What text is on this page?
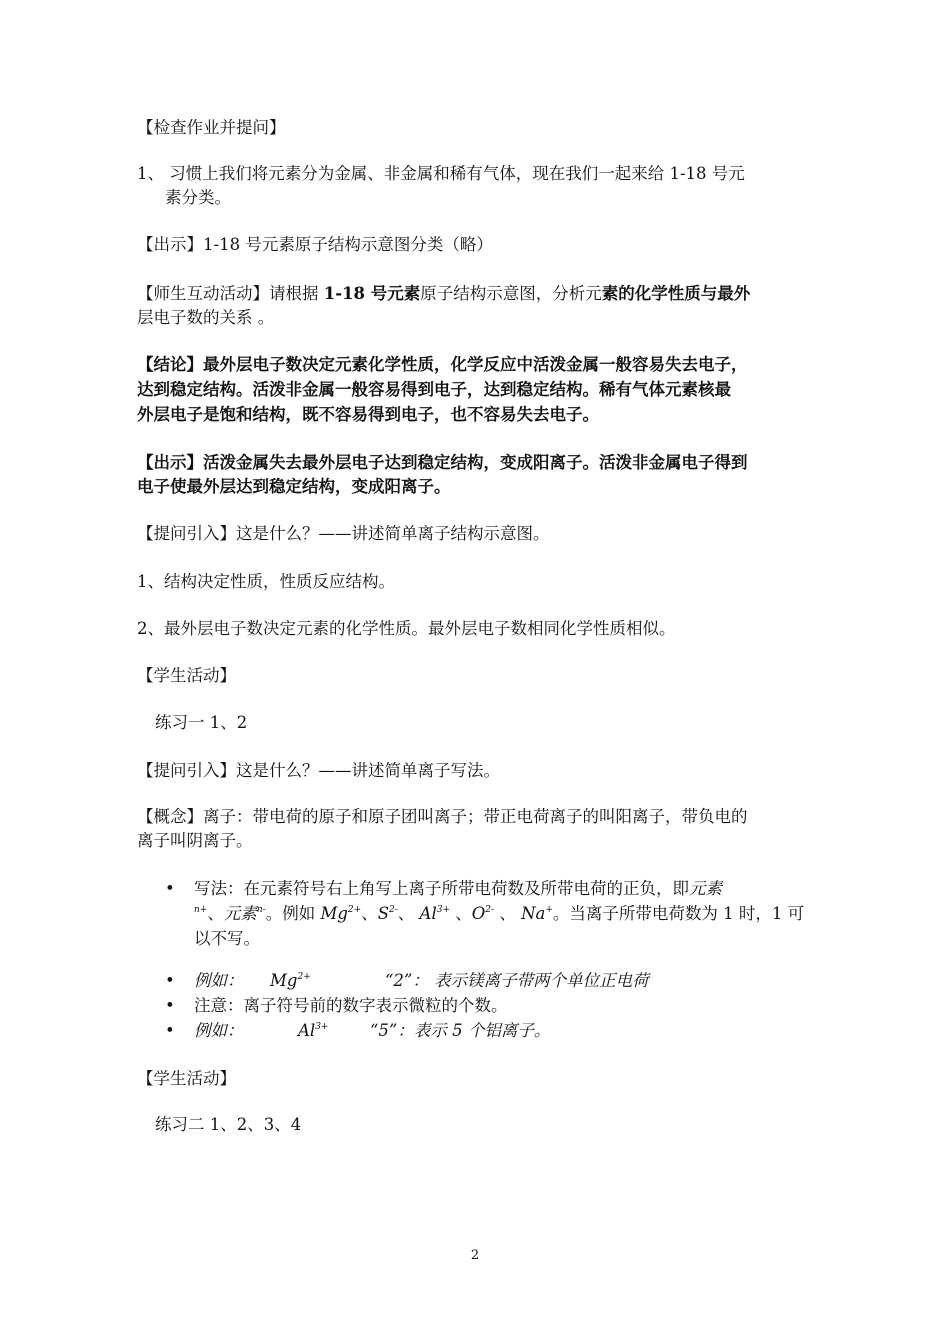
【检查作业并提问】
1、 习惯上我们将元素分为金属、非金属和稀有气体，现在我们一起来给 1-18 号元
素分类。
【出示】1-18 号元素原子结构示意图分类（略）
【师生互动活动】请根据 1-18 号元素原子结构示意图，分析元素的化学性质与最外
层电子数的关系 。
【结论】最外层电子数决定元素化学性质，化学反应中活泼金属一般容易失去电子，
达到稳定结构。活泼非金属一般容易得到电子，达到稳定结构。稀有气体元素核最
外层电子是饱和结构，既不容易得到电子，也不容易失去电子。
【出示】活泼金属失去最外层电子达到稳定结构，变成阳离子。活泼非金属电子得到
电子使最外层达到稳定结构，变成阳离子。
【提问引入】这是什么？——讲述简单离子结构示意图。
1、结构决定性质，性质反应结构。
2、最外层电子数决定元素的化学性质。最外层电子数相同化学性质相似。
【学生活动】
练习一 1、2
【提问引入】这是什么？——讲述简单离子写法。
【概念】离子：带电荷的原子和原子团叫离子；带正电荷离子的叫阳离子，带负电的
离子叫阴离子。
• 写法：在元素符号右上角写上离子所带电荷数及所带电荷的正负，即元素
$^{n+}$、元素$^{n-}$。例如 $Mg^{2+}$、$S^{2-}$、 $Al^{3+}$ 、$O^{2-}$ 、 Na+。当离子所带电荷数为 1 时，1 可
以不写。
• 例如： $Mg^{2+}$	“2”： 表示镁离子带两个单位正电荷
• 注意：离子符号前的数字表示微粒的个数。
• 例如：	$Al^{3+}$	“5”：表示 5 个铝离子。
【学生活动】
练习二 1、2、3、4
2
